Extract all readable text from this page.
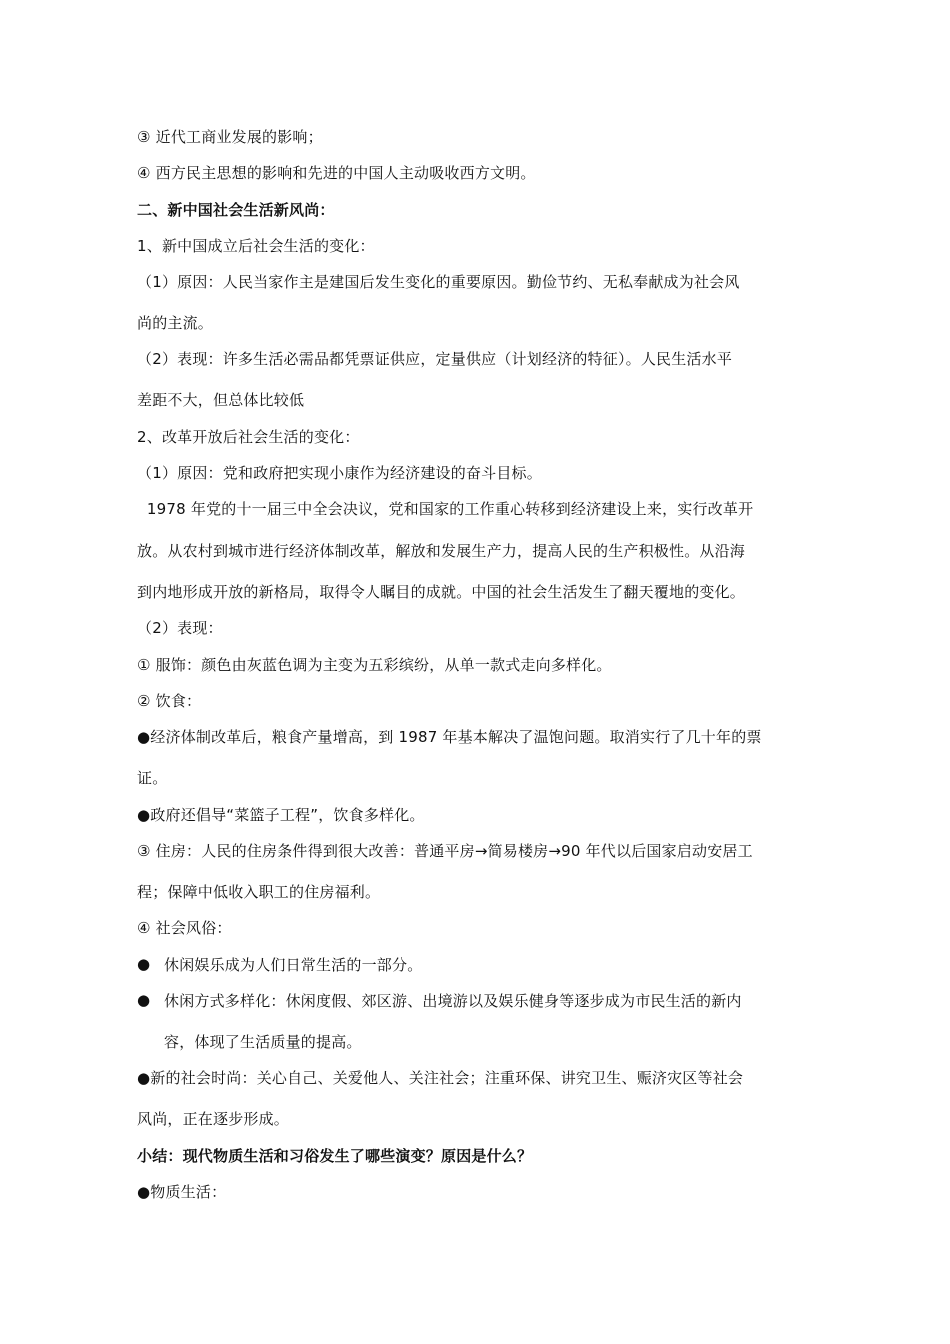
③ 近代工商业发展的影响；
④ 西方民主思想的影响和先进的中国人主动吸收西方文明。
二、新中国社会生活新风尚：
1、新中国成立后社会生活的变化：
（1）原因：人民当家作主是建国后发生变化的重要原因。勤俭节约、无私奉献成为社会风
尚的主流。
（2）表现：许多生活必需品都凭票证供应，定量供应（计划经济的特征）。人民生活水平
差距不大，但总体比较低
2、改革开放后社会生活的变化：
（1）原因：党和政府把实现小康作为经济建设的奋斗目标。
1978 年党的十一届三中全会决议，党和国家的工作重心转移到经济建设上来，实行改革开
放。从农村到城市进行经济体制改革，解放和发展生产力，提高人民的生产积极性。从沿海
到内地形成开放的新格局，取得令人瞩目的成就。中国的社会生活发生了翻天覆地的变化。
（2）表现：
① 服饰：颜色由灰蓝色调为主变为五彩缤纷，从单一款式走向多样化。
② 饮食：
●经济体制改革后，粮食产量增高，到 1987 年基本解决了温饱问题。取消实行了几十年的票
证。
●政府还倡导“菜篮子工程”，饮食多样化。
③ 住房：人民的住房条件得到很大改善：普通平房→简易楼房→90 年代以后国家启动安居工
程；保障中低收入职工的住房福利。
④ 社会风俗：
● 休闲娱乐成为人们日常生活的一部分。
● 休闲方式多样化：休闲度假、郊区游、出境游以及娱乐健身等逐步成为市民生活的新内
容，体现了生活质量的提高。
●新的社会时尚：关心自己、关爱他人、关注社会；注重环保、讲究卫生、赈济灾区等社会
风尚，正在逐步形成。
小结：现代物质生活和习俗发生了哪些演变？原因是什么？
●物质生活：
